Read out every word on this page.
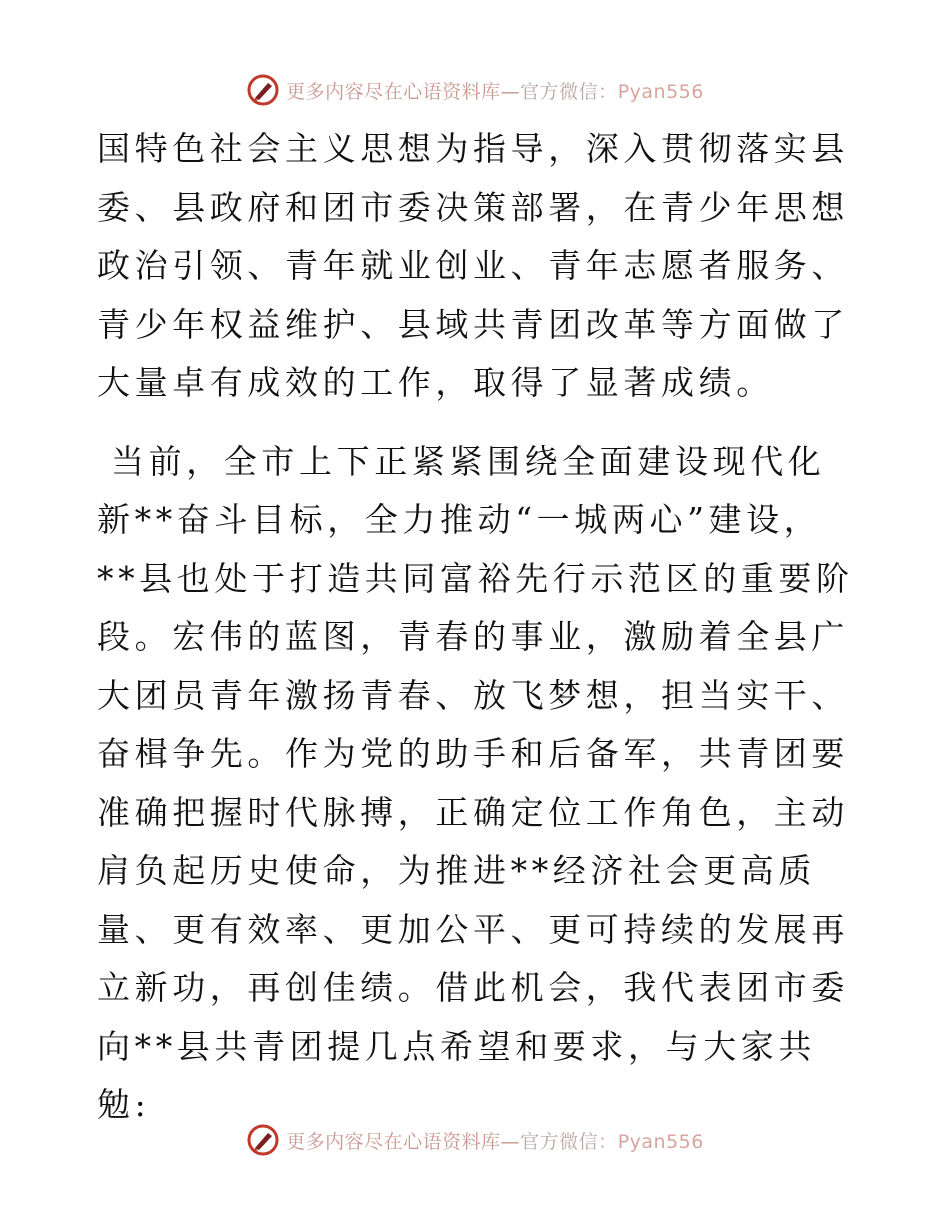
更多内容尽在心语资料库—官方微信：Pyan556

国特色社会主义思想为指导，深入贯彻落实县委、县政府和团市委决策部署，在青少年思想政治引领、青年就业创业、青年志愿者服务、青少年权益维护、县域共青团改革等方面做了大量卓有成效的工作，取得了显著成绩。

当前，全市上下正紧紧围绕全面建设现代化新**奋斗目标，全力推动“一城两心”建设，**县也处于打造共同富裕先行示范区的重要阶段。宏伟的蓝图，青春的事业，激励着全县广大团员青年激扬青春、放飞梦想，担当实干、奋楫争先。作为党的助手和后备军，共青团要准确把握时代脉搏，正确定位工作角色，主动肩负起历史使命，为推进**经济社会更高质量、更有效率、更加公平、更可持续的发展再立新功，再创佳绩。借此机会，我代表团市委向**县共青团提几点希望和要求，与大家共勉:

更多内容尽在心语资料库—官方微信：Pyan556
